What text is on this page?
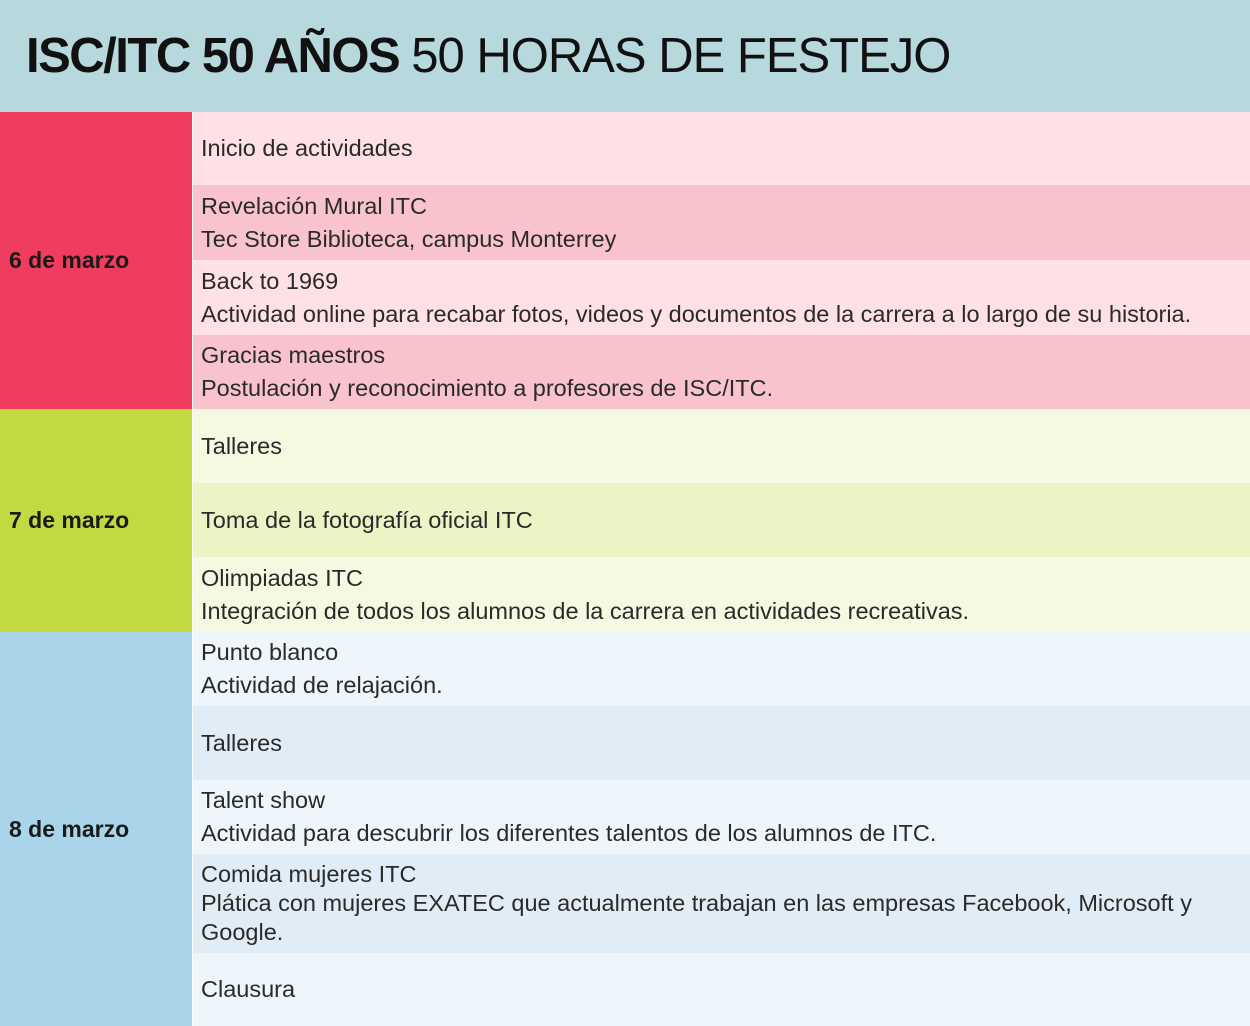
ISC/ITC 50 AÑOS 50 HORAS DE FESTEJO
6 de marzo
Inicio de actividades
Revelación Mural ITC
Tec Store Biblioteca, campus Monterrey
Back to 1969
Actividad online para recabar fotos, videos y documentos de la carrera a lo largo de su historia.
Gracias maestros
Postulación y reconocimiento a profesores de ISC/ITC.
7 de marzo
Talleres
Toma de la fotografía oficial ITC
Olimpiadas ITC
Integración de todos los alumnos de la carrera en actividades recreativas.
8 de marzo
Punto blanco
Actividad de relajación.
Talleres
Talent show
Actividad para descubrir los diferentes talentos de los alumnos de ITC.
Comida mujeres ITC
Plática con mujeres EXATEC que actualmente trabajan en las empresas Facebook, Microsoft y Google.
Clausura
